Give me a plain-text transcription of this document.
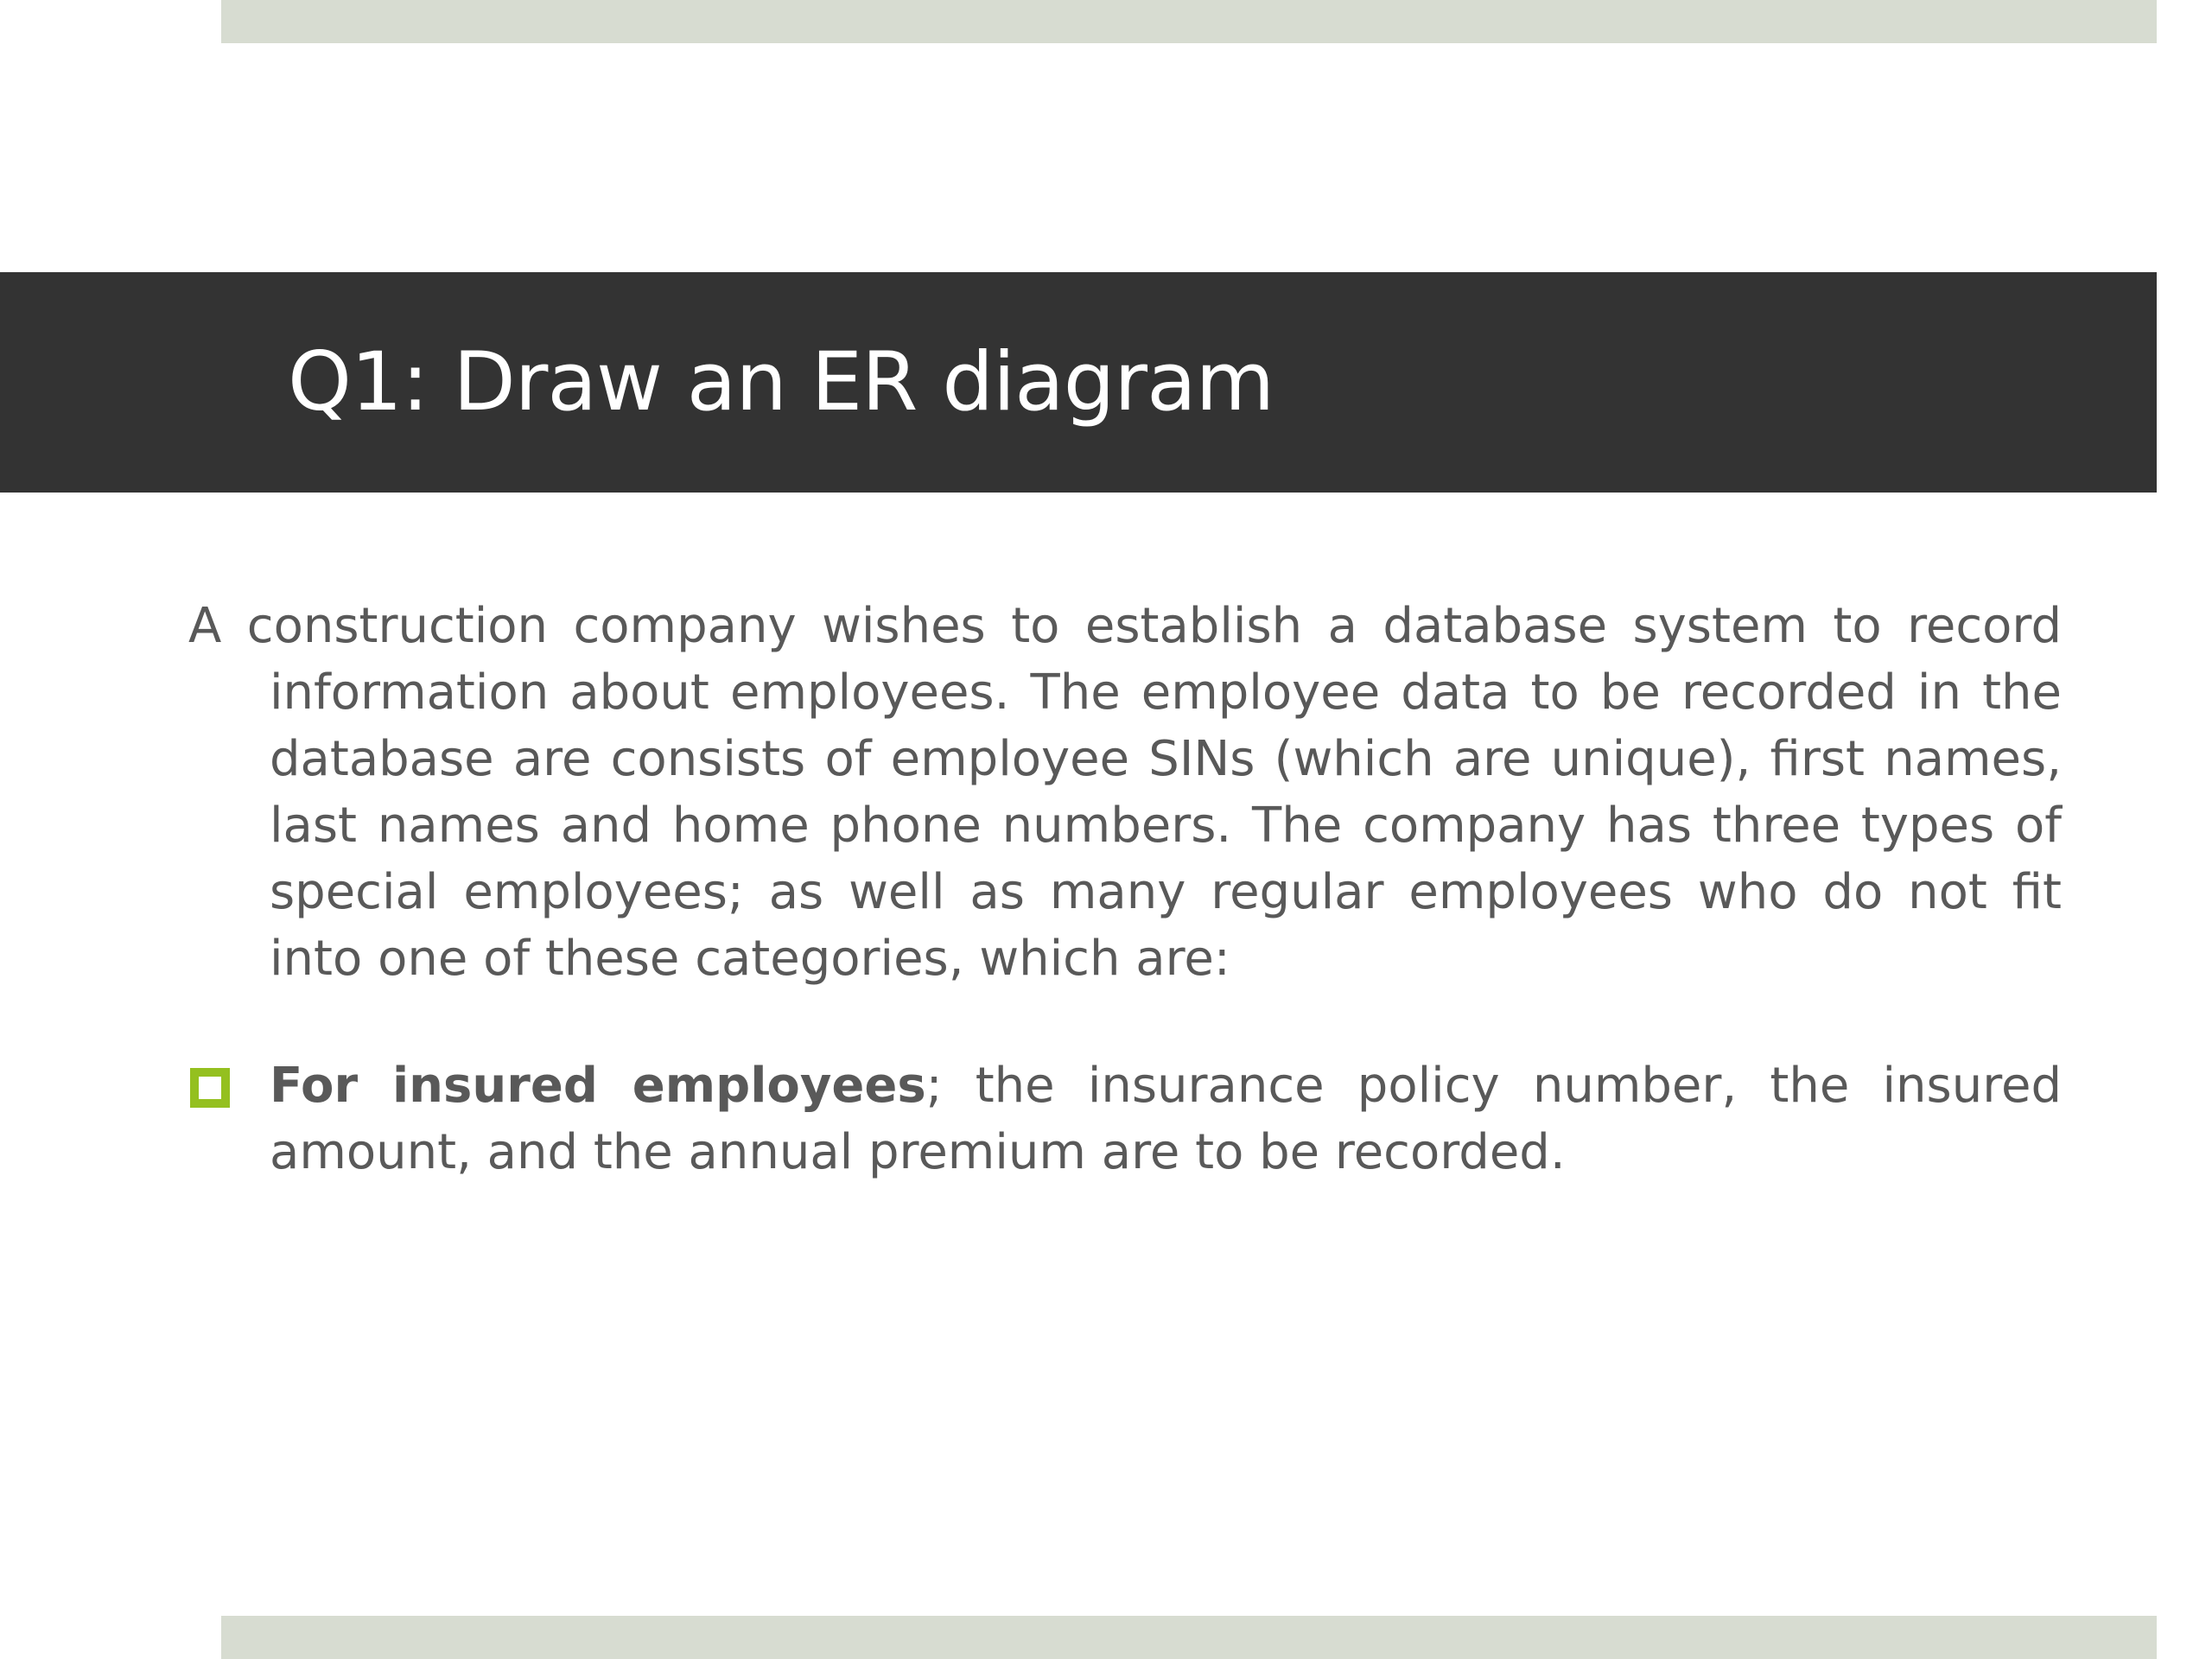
Q1: Draw an ER diagram

A construction company wishes to establish a database system to record information about employees. The employee data to be recorded in the database are consists of employee SINs (which are unique), first names, last names and home phone numbers. The company has three types of special employees; as well as many regular employees who do not fit into one of these categories, which are:

For insured employees; the insurance policy number, the insured amount, and the annual premium are to be recorded.
